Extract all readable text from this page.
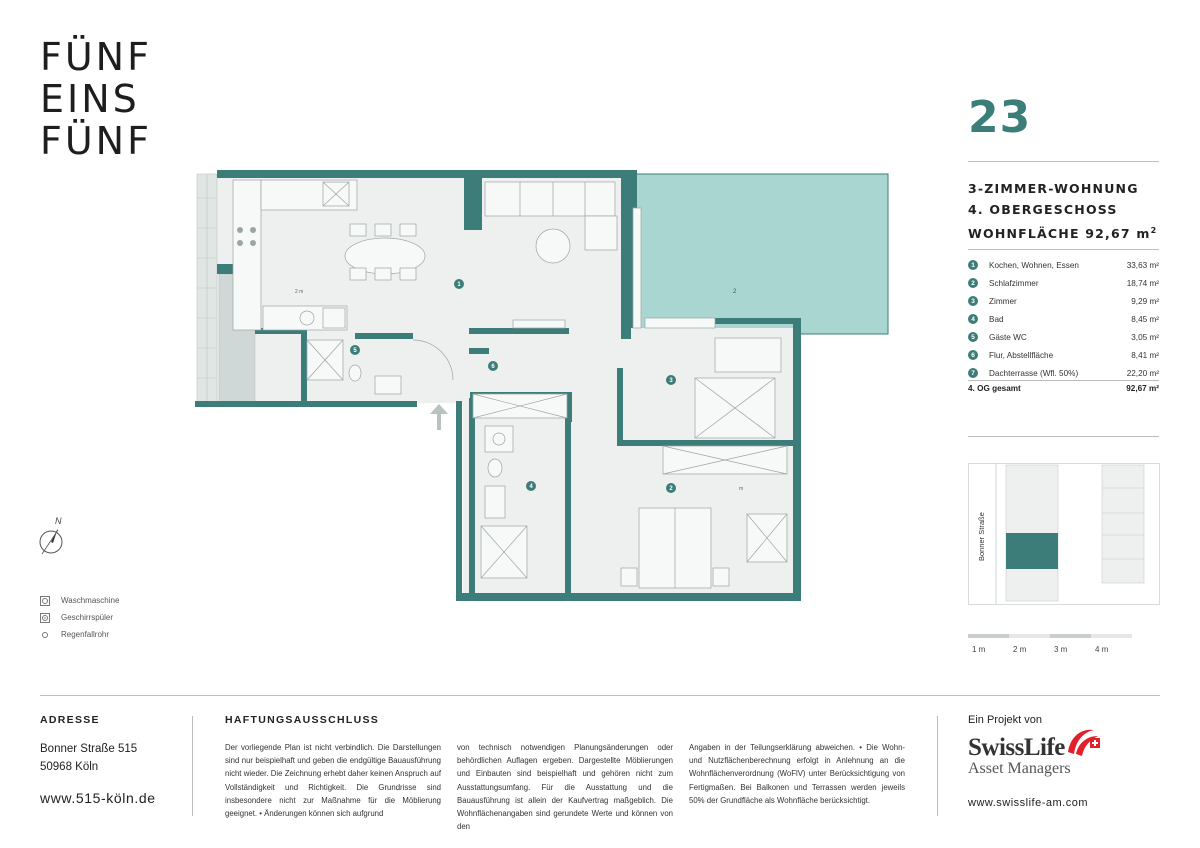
FÜNF
EINS
FÜNF	23
3-ZIMMER-WOHNUNG
4. OBERGESCHOSS
WOHNFLÄCHE 92,67 $m^2$
1	Kochen, Wohnen, Essen	33,63 m²
2	Schlafzimmer	18,74 m²
3	Zimmer	9,29 m²
4	Bad	8,45 m²
5	Gäste WC	3,05 m²
6	Flur, Abstellfläche	8,41 m²
7	Dachterrasse (Wfl. 50%)	22,20 m²
4. OG gesamt	92,67 m²
2
1
2
3
4
5
6
2 m
m
N
Waschmaschine
Geschirrspüler
Regenfallrohr
Bonner Straße
1 m	2 m	3 m	4 m
ADRESSE
Bonner Straße 515
50968 Köln
www.515-köln.de
HAFTUNGSAUSSCHLUSS
Der vorliegende Plan ist nicht verbindlich. Die Darstellungen sind nur beispielhaft und geben die endgültige Bauausführung nicht wieder. Die Zeichnung erhebt daher keinen Anspruch auf Vollständigkeit und Richtigkeit. Die Grundrisse sind insbesondere nicht zur Maßnahme für die Möblierung geeignet. • Änderungen können sich aufgrund
von technisch notwendigen Planungsänderungen oder behördlichen Auflagen ergeben. Dargestellte Möblierungen und Einbauten sind beispielhaft und gehören nicht zum Ausstattungsumfang. Für die Ausstattung und die Bauausführung ist allein der Kaufvertrag maßgeblich. Die Wohnflächenangaben sind gerundete Werte und können von den
Angaben in der Teilungserklärung abweichen. • Die Wohn- und Nutzflächenberechnung erfolgt in Anlehnung an die Wohnflächenverordnung (WoFlV) unter Berücksichtigung von Fertigmaßen. Bei Balkonen und Terrassen werden jeweils 50% der Grundfläche als Wohnfläche berücksichtigt.
Ein Projekt von
SwissLife
Asset Managers
www.swisslife-am.com
